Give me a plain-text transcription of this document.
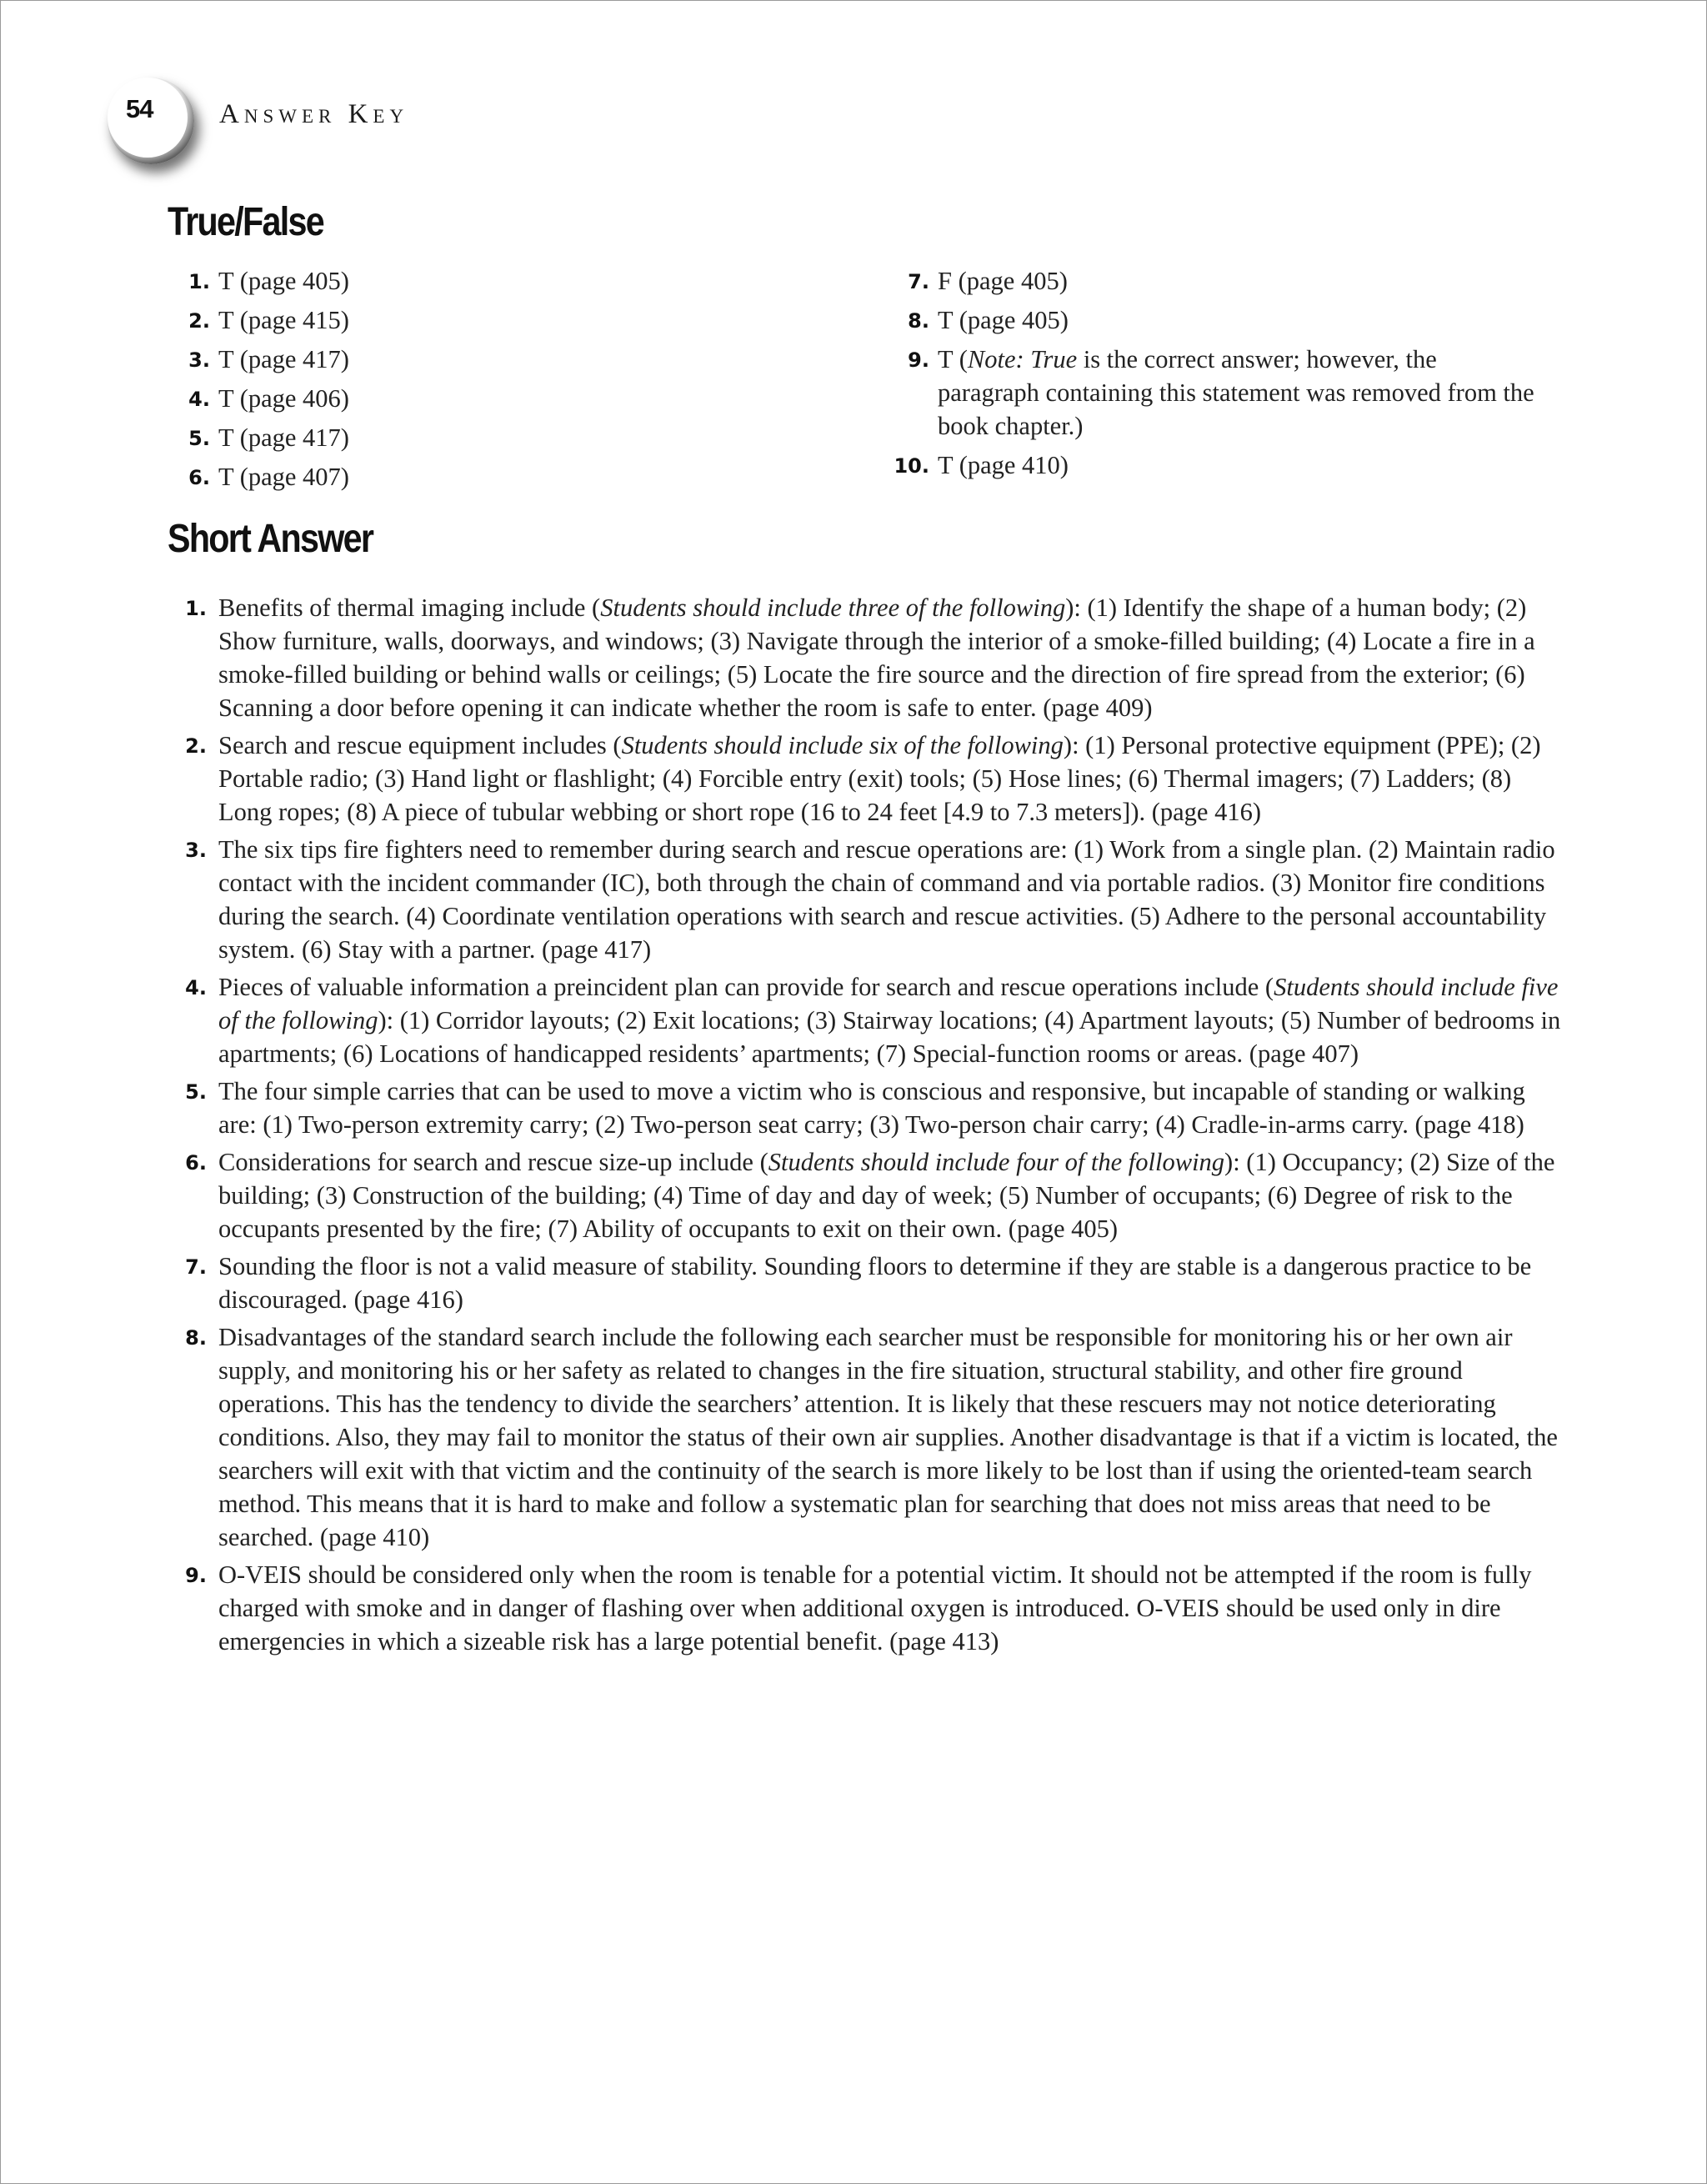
54 Answer Key
True/False
1. T (page 405)
2. T (page 415)
3. T (page 417)
4. T (page 406)
5. T (page 417)
6. T (page 407)
7. F (page 405)
8. T (page 405)
9. T (Note: True is the correct answer; however, the paragraph containing this statement was removed from the book chapter.)
10. T (page 410)
Short Answer
1. Benefits of thermal imaging include (Students should include three of the following): (1) Identify the shape of a human body; (2) Show furniture, walls, doorways, and windows; (3) Navigate through the interior of a smoke-filled building; (4) Locate a fire in a smoke-filled building or behind walls or ceilings; (5) Locate the fire source and the direction of fire spread from the exterior; (6) Scanning a door before opening it can indicate whether the room is safe to enter. (page 409)
2. Search and rescue equipment includes (Students should include six of the following): (1) Personal protective equipment (PPE); (2) Portable radio; (3) Hand light or flashlight; (4) Forcible entry (exit) tools; (5) Hose lines; (6) Thermal imagers; (7) Ladders; (8) Long ropes; (8) A piece of tubular webbing or short rope (16 to 24 feet [4.9 to 7.3 meters]). (page 416)
3. The six tips fire fighters need to remember during search and rescue operations are: (1) Work from a single plan. (2) Maintain radio contact with the incident commander (IC), both through the chain of command and via portable radios. (3) Monitor fire conditions during the search. (4) Coordinate ventilation operations with search and rescue activities. (5) Adhere to the personal accountability system. (6) Stay with a partner. (page 417)
4. Pieces of valuable information a preincident plan can provide for search and rescue operations include (Students should include five of the following): (1) Corridor layouts; (2) Exit locations; (3) Stairway locations; (4) Apartment layouts; (5) Number of bedrooms in apartments; (6) Locations of handicapped residents’ apartments; (7) Special-function rooms or areas. (page 407)
5. The four simple carries that can be used to move a victim who is conscious and responsive, but incapable of standing or walking are: (1) Two-person extremity carry; (2) Two-person seat carry; (3) Two-person chair carry; (4) Cradle-in-arms carry. (page 418)
6. Considerations for search and rescue size-up include (Students should include four of the following): (1) Occupancy; (2) Size of the building; (3) Construction of the building; (4) Time of day and day of week; (5) Number of occupants; (6) Degree of risk to the occupants presented by the fire; (7) Ability of occupants to exit on their own. (page 405)
7. Sounding the floor is not a valid measure of stability. Sounding floors to determine if they are stable is a dangerous practice to be discouraged. (page 416)
8. Disadvantages of the standard search include the following each searcher must be responsible for monitoring his or her own air supply, and monitoring his or her safety as related to changes in the fire situation, structural stability, and other fire ground operations. This has the tendency to divide the searchers’ attention. It is likely that these rescuers may not notice deteriorating conditions. Also, they may fail to monitor the status of their own air supplies. Another disadvantage is that if a victim is located, the searchers will exit with that victim and the continuity of the search is more likely to be lost than if using the oriented-team search method. This means that it is hard to make and follow a systematic plan for searching that does not miss areas that need to be searched. (page 410)
9. O-VEIS should be considered only when the room is tenable for a potential victim. It should not be attempted if the room is fully charged with smoke and in danger of flashing over when additional oxygen is introduced. O-VEIS should be used only in dire emergencies in which a sizeable risk has a large potential benefit. (page 413)
